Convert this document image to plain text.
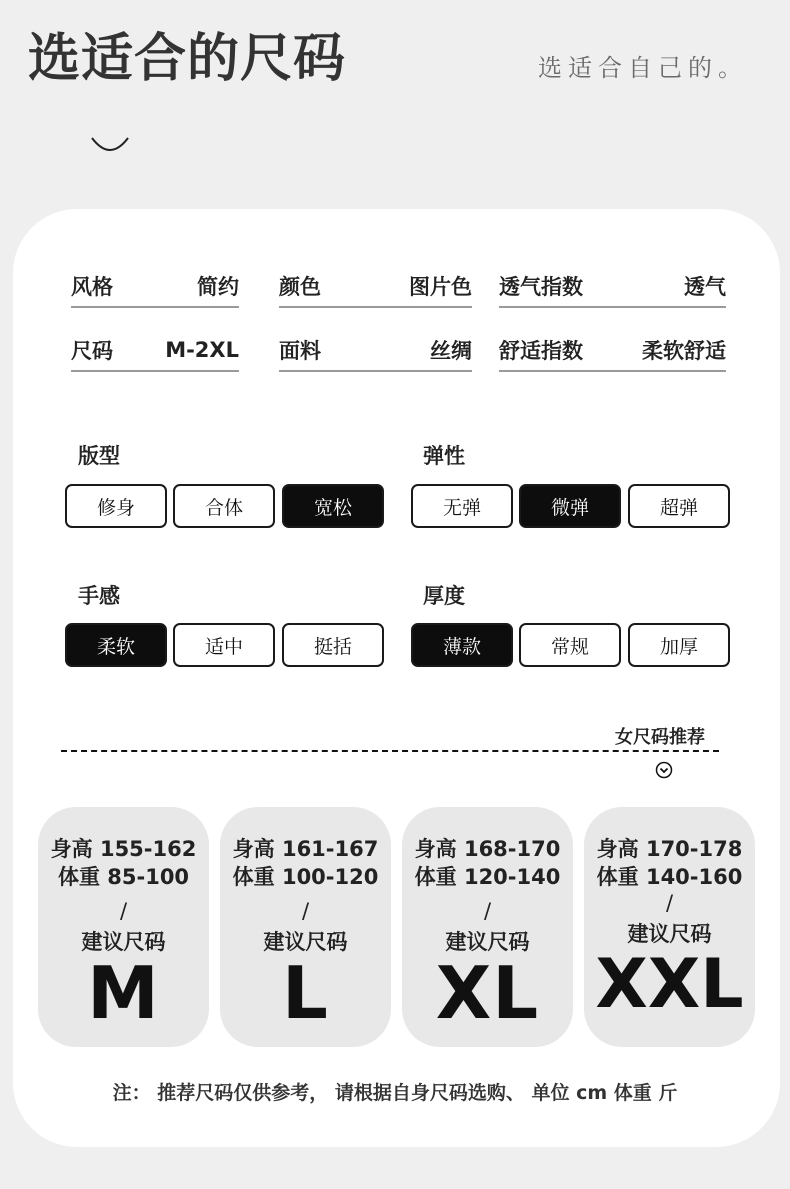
选适合的尺码	选适合自己的。
风格	简约 颜色	图片色 透气指数	透气
尺码 M-2XL 面料	丝绸 舒适指数	柔软舒适
版型
修身	合体	宽松
弹性
无弹	微弹	超弹
手感
柔软	适中	挺括
厚度
薄款	常规	加厚
女尺码推荐
身高 155-162
体重 85-100
/
建议尺码
M
身高 161-167
体重 100-120
/
建议尺码
L
身高 168-170
体重 120-140
/
建议尺码
XL
身高 170-178
体重 140-160
/
建议尺码
XXL
注： 推荐尺码仅供参考， 请根据自身尺码选购、 单位 cm 体重 斤
